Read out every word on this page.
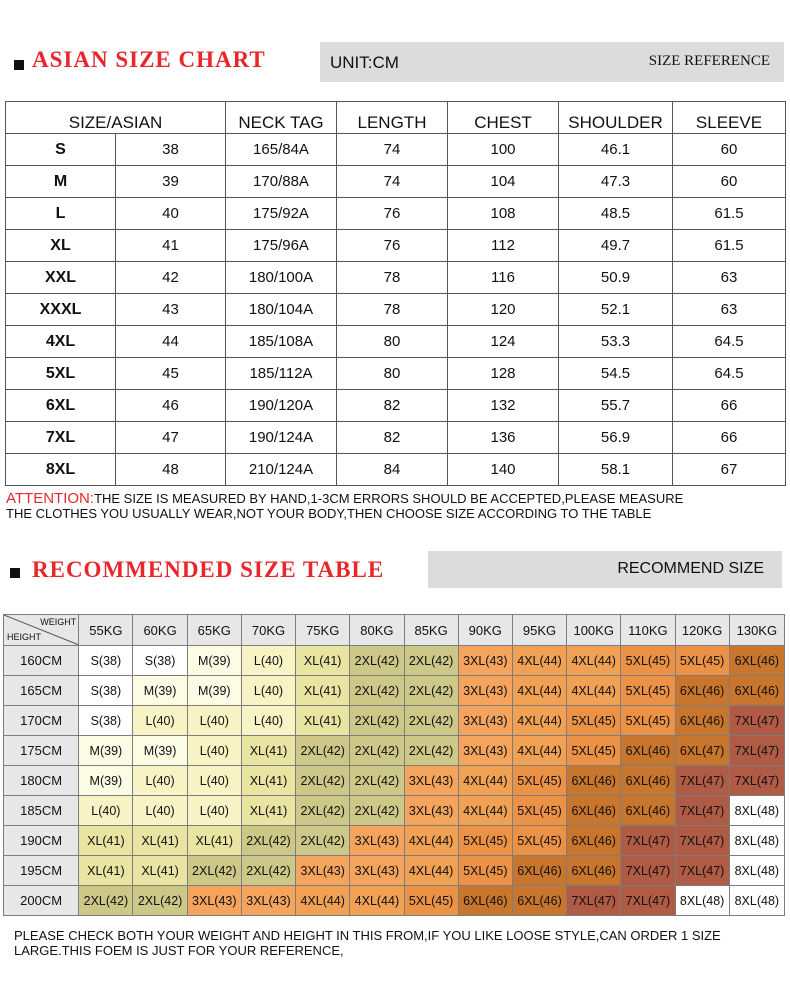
ASIAN SIZE CHART	UNIT:CM	SIZE REFERENCE
SIZE/ASIAN		NECK TAG	LENGTH	CHEST	SHOULDER	SLEEVE
S	38	165/84A	74	100	46.1	60
M	39	170/88A	74	104	47.3	60
L	40	175/92A	76	108	48.5	61.5
XL	41	175/96A	76	112	49.7	61.5
XXL	42	180/100A	78	116	50.9	63
XXXL	43	180/104A	78	120	52.1	63
4XL	44	185/108A	80	124	53.3	64.5
5XL	45	185/112A	80	128	54.5	64.5
6XL	46	190/120A	82	132	55.7	66
7XL	47	190/124A	82	136	56.9	66
8XL	48	210/124A	84	140	58.1	67
ATTENTION:THE SIZE IS MEASURED BY HAND,1-3CM ERRORS SHOULD BE ACCEPTED,PLEASE MEASURE
THE CLOTHES YOU USUALLY WEAR,NOT YOUR BODY,THEN CHOOSE SIZE ACCORDING TO THE TABLE
RECOMMENDED SIZE TABLE	RECOMMEND SIZE
WEIGHT
HEIGHT	55KG	60KG	65KG	70KG	75KG	80KG	85KG	90KG	95KG	100KG	110KG	120KG	130KG
160CM	S(38)	S(38)	M(39)	L(40)	XL(41)	2XL(42)	2XL(42)	3XL(43)	4XL(44)	4XL(44)	5XL(45)	5XL(45)	6XL(46)
165CM	S(38)	M(39)	M(39)	L(40)	XL(41)	2XL(42)	2XL(42)	3XL(43)	4XL(44)	4XL(44)	5XL(45)	6XL(46)	6XL(46)
170CM	S(38)	L(40)	L(40)	L(40)	XL(41)	2XL(42)	2XL(42)	3XL(43)	4XL(44)	5XL(45)	5XL(45)	6XL(46)	7XL(47)
175CM	M(39)	M(39)	L(40)	XL(41)	2XL(42)	2XL(42)	2XL(42)	3XL(43)	4XL(44)	5XL(45)	6XL(46)	6XL(47)	7XL(47)
180CM	M(39)	L(40)	L(40)	XL(41)	2XL(42)	2XL(42)	3XL(43)	4XL(44)	5XL(45)	6XL(46)	6XL(46)	7XL(47)	7XL(47)
185CM	L(40)	L(40)	L(40)	XL(41)	2XL(42)	2XL(42)	3XL(43)	4XL(44)	5XL(45)	6XL(46)	6XL(46)	7XL(47)	8XL(48)
190CM	XL(41)	XL(41)	XL(41)	2XL(42)	2XL(42)	3XL(43)	4XL(44)	5XL(45)	5XL(45)	6XL(46)	7XL(47)	7XL(47)	8XL(48)
195CM	XL(41)	XL(41)	2XL(42)	2XL(42)	3XL(43)	3XL(43)	4XL(44)	5XL(45)	6XL(46)	6XL(46)	7XL(47)	7XL(47)	8XL(48)
200CM	2XL(42)	2XL(42)	3XL(43)	3XL(43)	4XL(44)	4XL(44)	5XL(45)	6XL(46)	6XL(46)	7XL(47)	7XL(47)	8XL(48)	8XL(48)
PLEASE CHECK BOTH YOUR WEIGHT AND HEIGHT IN THIS FROM,IF YOU LIKE LOOSE STYLE,CAN ORDER 1 SIZE
LARGE.THIS FOEM IS JUST FOR YOUR REFERENCE,
